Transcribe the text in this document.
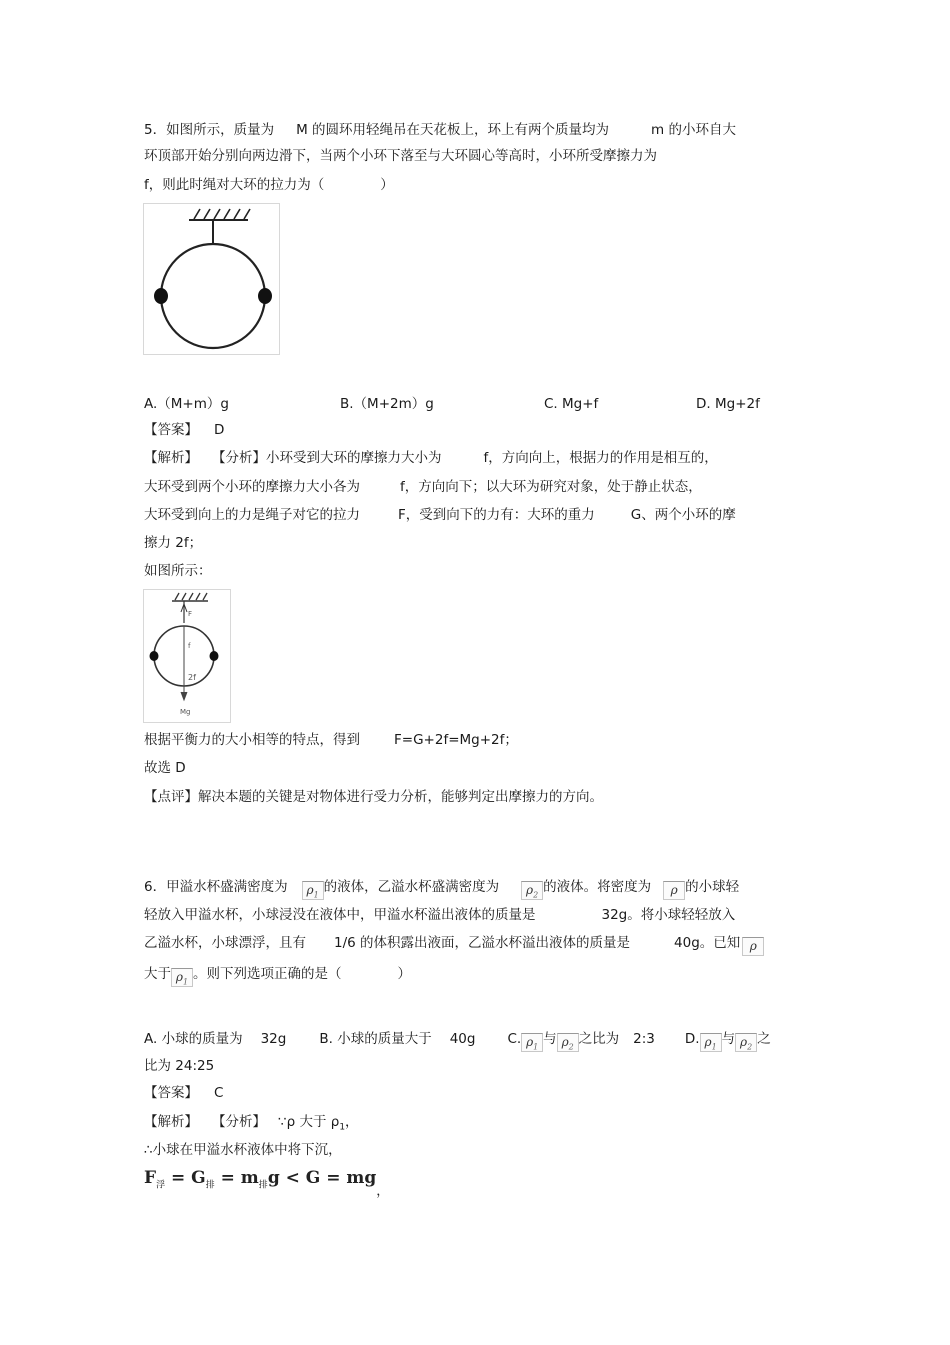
5．如图所示，质量为 M 的圆环用轻绳吊在天花板上，环上有两个质量均为	m 的小环自大
环顶部开始分别向两边滑下，当两个小环下落至与大环圆心等高时，小环所受摩擦力为
f，则此时绳对大环的拉力为（	）
A.（M+m）g	B.（M+2m）g	C. Mg+f	D. Mg+2f
【答案】 D
【解析】 【分析】小环受到大环的摩擦力大小为	f，方向向上，根据力的作用是相互的，
大环受到两个小环的摩擦力大小各为	f，方向向下；以大环为研究对象，处于静止状态，
大环受到向上的力是绳子对它的拉力	F，受到向下的力有：大环的重力	G、两个小环的摩
擦力 2f；
如图所示：
F
f
2f
Mg
根据平衡力的大小相等的特点，得到	F=G+2f=Mg+2f；
故选 D
【点评】解决本题的关键是对物体进行受力分析，能够判定出摩擦力的方向。
6．甲溢水杯盛满密度为 $\rho_1$ 的液体，乙溢水杯盛满密度为 $\rho_2$ 的液体。将密度为 ρ 的小球轻
轻放入甲溢水杯，小球浸没在液体中，甲溢水杯溢出液体的质量是	32g。将小球轻轻放入
乙溢水杯，小球漂浮，且有 1/6 的体积露出液面，乙溢水杯溢出液体的质量是	40g。已知 ρ
大于 $\rho_1$ 。则下列选项正确的是（	）
A. 小球的质量为 32g B. 小球的质量大于 40g C. $\rho_1$ 与 $\rho_2$ 之比为 2:3 D. $\rho_1$ 与 $\rho_2$ 之
比为 24:25
【答案】 C
【解析】 【分析】 ∵ρ 大于 $\rho_1$，
∴小球在甲溢水杯液体中将下沉，
$F_浮 = G_排 = m_排g < G = mg_,$
